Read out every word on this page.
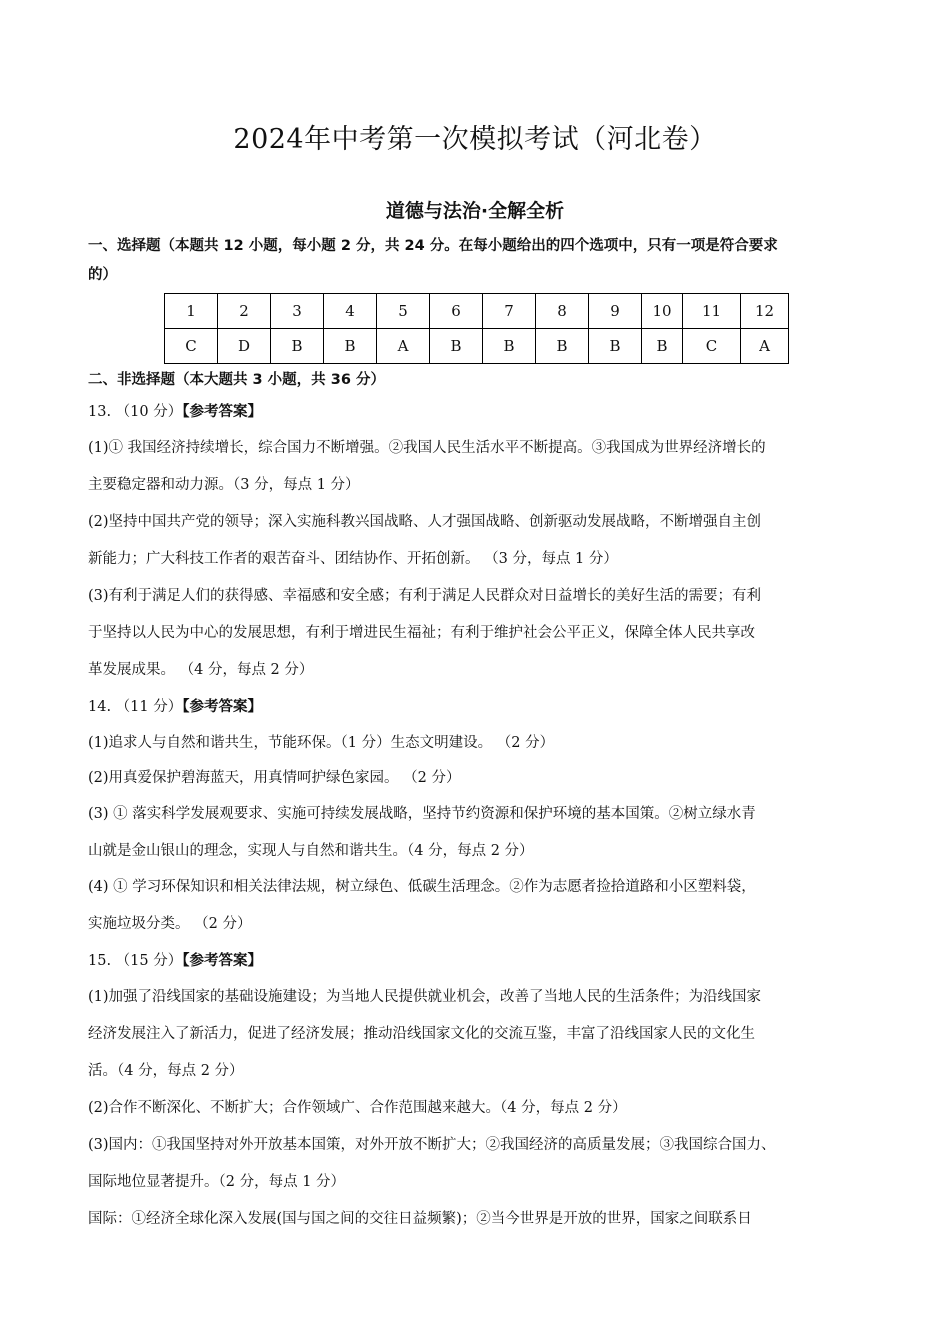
2024年中考第一次模拟考试（河北卷）
道德与法治·全解全析
一、选择题（本题共 12 小题，每小题 2 分，共 24 分。在每小题给出的四个选项中，只有一项是符合要求
的）
1	2	3	4	5	6	7	8	9	10	11	12
C	D	B	B	A	B	B	B	B	B	C	A
二、非选择题（本大题共 3 小题，共 36 分）
13. （10 分）【参考答案】
(1)① 我国经济持续增长，综合国力不断增强。②我国人民生活水平不断提高。③我国成为世界经济增长的
主要稳定器和动力源。（3 分，每点 1 分）
(2)坚持中国共产党的领导；深入实施科教兴国战略、人才强国战略、创新驱动发展战略，不断增强自主创
新能力；广大科技工作者的艰苦奋斗、团结协作、开拓创新。 （3 分，每点 1 分）
(3)有利于满足人们的获得感、幸福感和安全感；有利于满足人民群众对日益增长的美好生活的需要；有利
于坚持以人民为中心的发展思想，有利于增进民生福祉；有利于维护社会公平正义，保障全体人民共享改
革发展成果。 （4 分，每点 2 分）
14. （11 分）【参考答案】
(1)追求人与自然和谐共生，节能环保。（1 分）生态文明建设。 （2 分）
(2)用真爱保护碧海蓝天，用真情呵护绿色家园。 （2 分）
(3) ① 落实科学发展观要求、实施可持续发展战略，坚持节约资源和保护环境的基本国策。②树立绿水青
山就是金山银山的理念，实现人与自然和谐共生。（4 分，每点 2 分）
(4) ① 学习环保知识和相关法律法规，树立绿色、低碳生活理念。②作为志愿者捡拾道路和小区塑料袋，
实施垃圾分类。 （2 分）
15. （15 分）【参考答案】
(1)加强了沿线国家的基础设施建设；为当地人民提供就业机会，改善了当地人民的生活条件；为沿线国家
经济发展注入了新活力，促进了经济发展；推动沿线国家文化的交流互鉴，丰富了沿线国家人民的文化生
活。（4 分，每点 2 分）
(2)合作不断深化、不断扩大；合作领域广、合作范围越来越大。（4 分，每点 2 分）
(3)国内：①我国坚持对外开放基本国策，对外开放不断扩大；②我国经济的高质量发展；③我国综合国力、
国际地位显著提升。（2 分，每点 1 分）
国际：①经济全球化深入发展(国与国之间的交往日益频繁)；②当今世界是开放的世界，国家之间联系日
